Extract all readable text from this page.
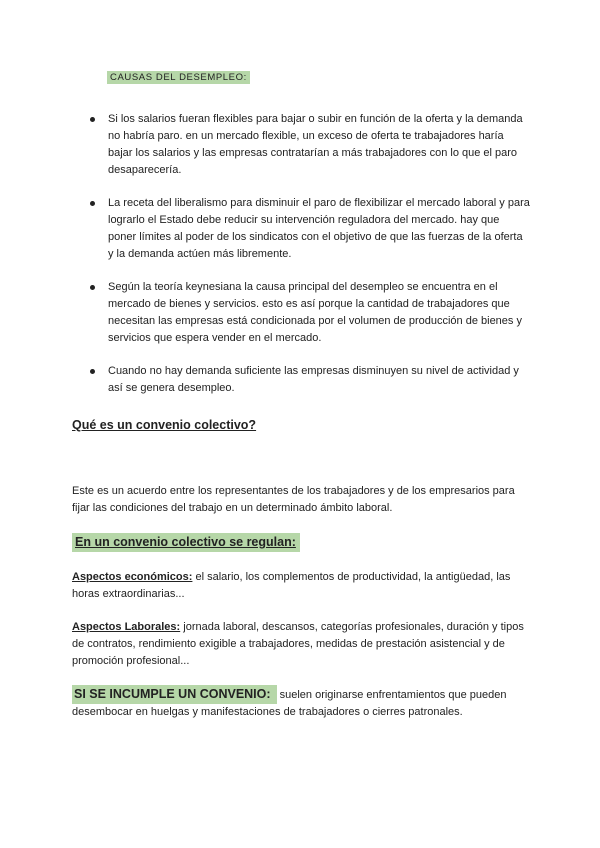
CAUSAS DEL DESEMPLEO:
Si los salarios fueran flexibles para bajar o subir en función de la oferta y la demanda no habría paro. en un mercado flexible, un exceso de oferta te trabajadores haría bajar los salarios y las empresas contratarían a más trabajadores con lo que el paro desaparecería.
La receta del liberalismo para disminuir el paro de flexibilizar el mercado laboral y para lograrlo el Estado debe reducir su intervención reguladora del mercado. hay que poner límites al poder de los sindicatos con el objetivo de que las fuerzas de la oferta y la demanda actúen más libremente.
Según la teoría keynesiana la causa principal del desempleo se encuentra en el mercado de bienes y servicios. esto es así porque la cantidad de trabajadores que necesitan las empresas está condicionada por el volumen de producción de bienes y servicios que espera vender en el mercado.
Cuando no hay demanda suficiente las empresas disminuyen su nivel de actividad y así se genera desempleo.
Qué es un convenio colectivo?

Este es un acuerdo entre los representantes de los trabajadores y de los empresarios para fijar las condiciones del trabajo en un determinado ámbito laboral.

En un convenio colectivo se regulan:

Aspectos económicos: el salario, los complementos de productividad, la antigüedad, las horas extraordinarias...

Aspectos Laborales: jornada laboral, descansos, categorías profesionales, duración y tipos de contratos, rendimiento exigible a trabajadores, medidas de prestación asistencial y de promoción profesional...

SI SE INCUMPLE UN CONVENIO: suelen originarse enfrentamientos que pueden desembocar en huelgas y manifestaciones de trabajadores o cierres patronales.
